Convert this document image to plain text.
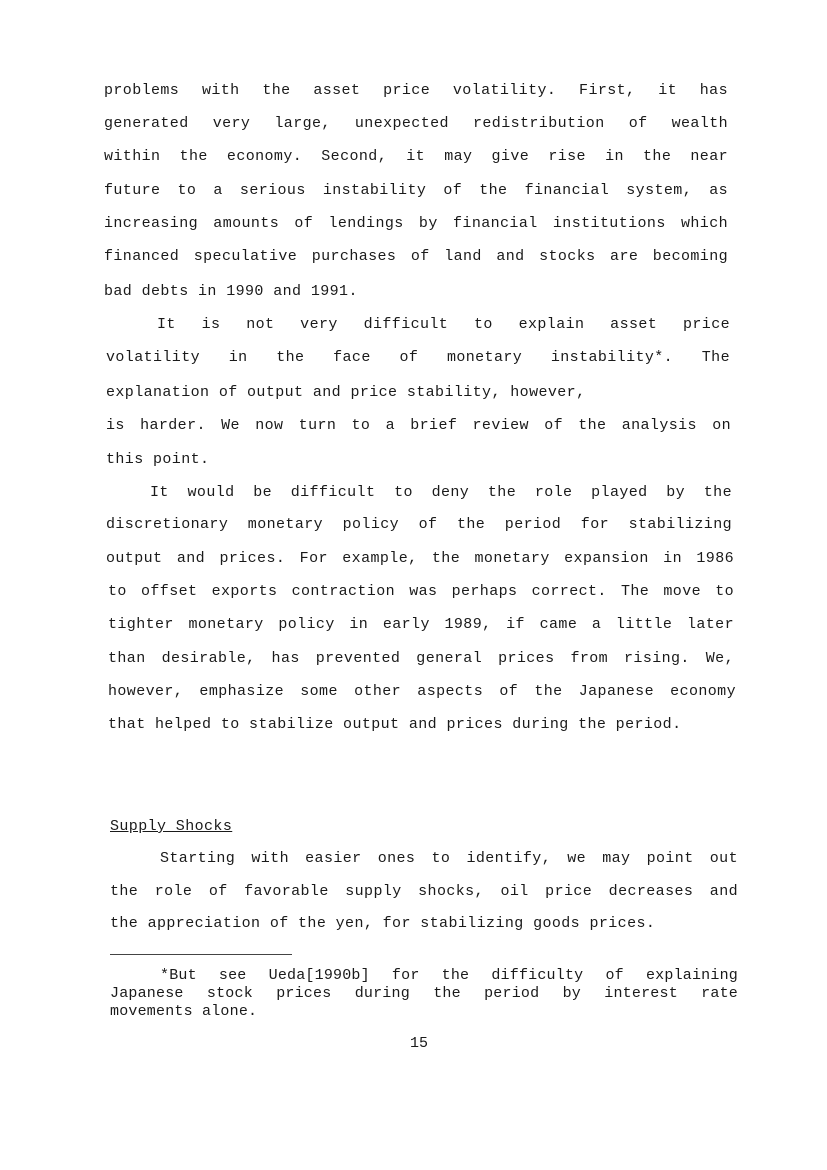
problems with the asset price volatility. First, it has
generated very large, unexpected redistribution of wealth
within the economy. Second, it may give rise in the near
future to a serious instability of the financial system, as
increasing amounts of lendings by financial institutions which
financed speculative purchases of land and stocks are becoming
bad debts in 1990 and 1991.
It is not very difficult to explain asset price
volatility in the face of monetary instability*. The
explanation of output and price stability, however,
is harder. We now turn to a brief review of the analysis on
this point.
It would be difficult to deny the role played by the
discretionary monetary policy of the period for stabilizing
output and prices. For example, the monetary expansion in 1986
to offset exports contraction was perhaps correct. The move to
tighter monetary policy in early 1989, if came a little later
than desirable, has prevented general prices from rising. We,
however, emphasize some other aspects of the Japanese economy
that helped to stabilize output and prices during the period.
Supply Shocks
Starting with easier ones to identify, we may point out
the role of favorable supply shocks, oil price decreases and
the appreciation of the yen, for stabilizing goods prices.
*But see Ueda[1990b] for the difficulty of explaining
Japanese stock prices during the period by interest rate
movements alone.
15
